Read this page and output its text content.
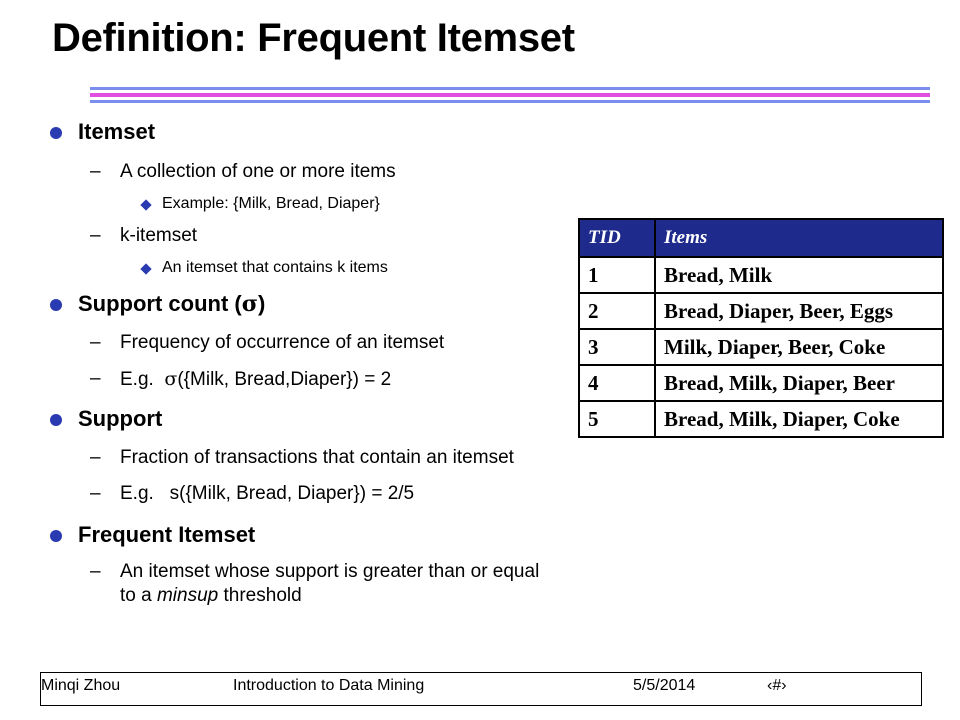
Definition: Frequent Itemset
Itemset
– A collection of one or more items
Example: {Milk, Bread, Diaper}
– k-itemset
An itemset that contains k items
Support count (σ)
– Frequency of occurrence of an itemset
– E.g.  σ({Milk, Bread,Diaper}) = 2
Support
– Fraction of transactions that contain an itemset
– E.g.   s({Milk, Bread, Diaper}) = 2/5
Frequent Itemset
– An itemset whose support is greater than or equal to a minsup threshold
TID	Items
1	Bread, Milk
2	Bread, Diaper, Beer, Eggs
3	Milk, Diaper, Beer, Coke
4	Bread, Milk, Diaper, Beer
5	Bread, Milk, Diaper, Coke
Minqi Zhou	Introduction to Data Mining	5/5/2014	‹#›
